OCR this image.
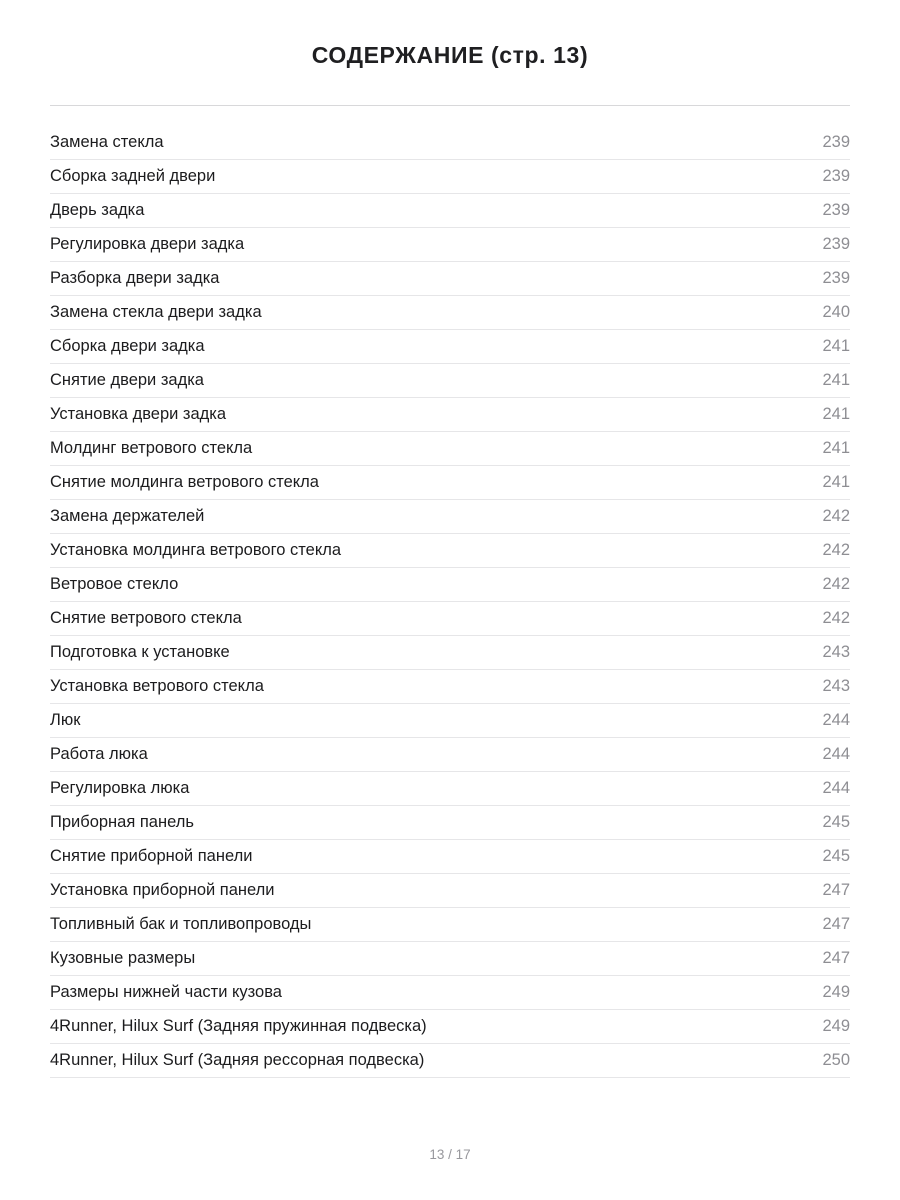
СОДЕРЖАНИЕ (стр. 13)
Замена стекла	239
Сборка задней двери	239
Дверь задка	239
Регулировка двери задка	239
Разборка двери задка	239
Замена стекла двери задка	240
Сборка двери задка	241
Снятие двери задка	241
Установка двери задка	241
Молдинг ветрового стекла	241
Снятие молдинга ветрового стекла	241
Замена держателей	242
Установка молдинга ветрового стекла	242
Ветровое стекло	242
Снятие ветрового стекла	242
Подготовка к установке	243
Установка ветрового стекла	243
Люк	244
Работа люка	244
Регулировка люка	244
Приборная панель	245
Снятие приборной панели	245
Установка приборной панели	247
Топливный бак и топливопроводы	247
Кузовные размеры	247
Размеры нижней части кузова	249
4Runner, Hilux Surf (Задняя пружинная подвеска)	249
4Runner, Hilux Surf (Задняя рессорная подвеска)	250
13 / 17
